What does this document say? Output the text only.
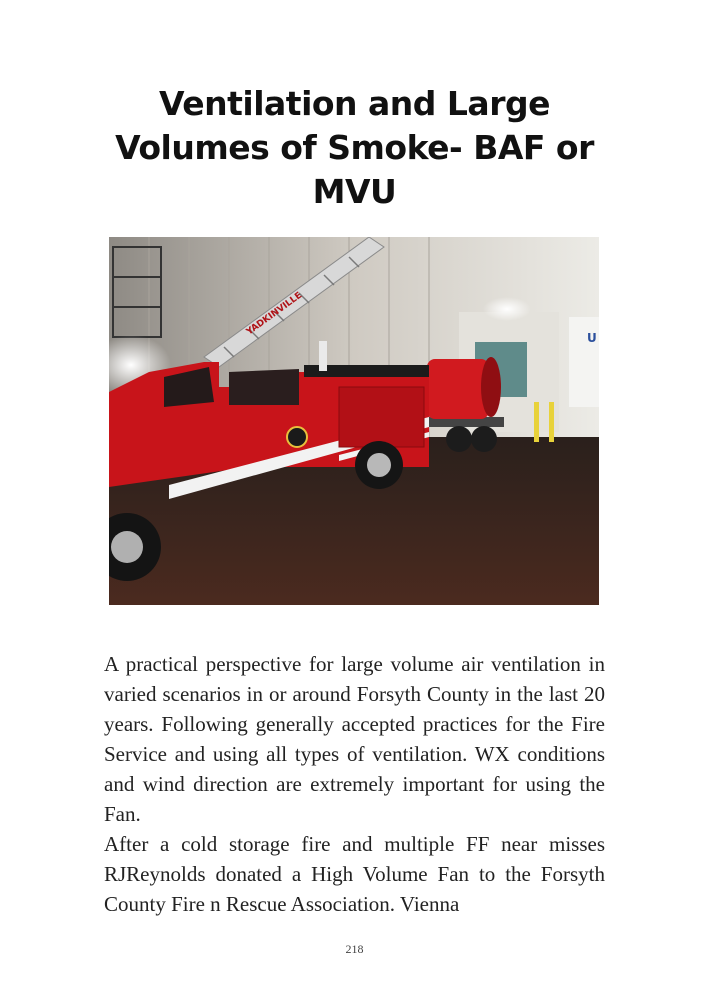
Ventilation and Large Volumes of Smoke- BAF or MVU
U
YADKINVILLE

A practical perspective for large volume air ventilation in varied scenarios in or around Forsyth County in the last 20 years. Following generally accepted practices for the Fire Service and using all types of ventilation. WX conditions and wind direction are extremely important for using the Fan.

After a cold storage fire and multiple FF near misses RJReynolds donated a High Volume Fan to the Forsyth County Fire n Rescue Association. Vienna

218
